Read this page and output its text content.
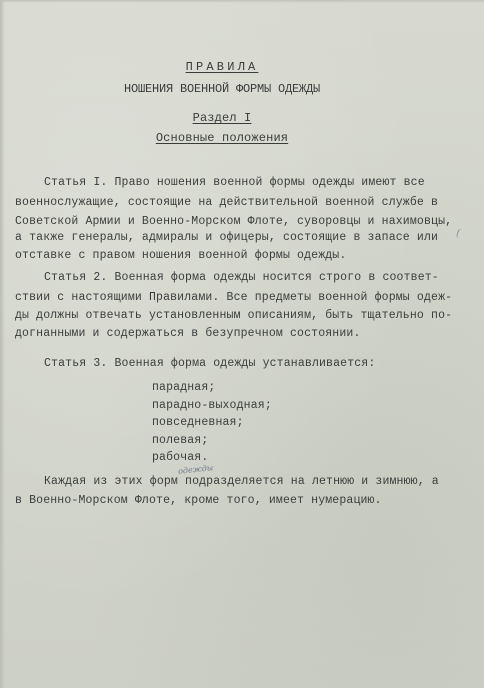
ПРАВИЛА
НОШЕНИЯ ВОЕННОЙ ФОРМЫ ОДЕЖДЫ
Раздел I
Основные положения
Статья I. Право ношения военной формы одежды имеют все
военнослужащие, состоящие на действительной военной службе в
Советской Армии и Военно-Морском Флоте, суворовцы и нахимовцы,
а также генералы, адмиралы и офицеры, состоящие в запасе или
отставке с правом ношения военной формы одежды.
Статья 2. Военная форма одежды носится строго в соответ-
ствии с настоящими Правилами. Все предметы военной формы одеж-
ды должны отвечать установленным описаниям, быть тщательно по-
догнанными и содержаться в безупречном состоянии.
Статья 3. Военная форма одежды устанавливается:
парадная;
парадно-выходная;
повседневная;
полевая;
рабочая.
Каждая из этих форм подразделяется на летнюю и зимнюю, а
в Военно-Морском Флоте, кроме того, имеет нумерацию.
одежды
